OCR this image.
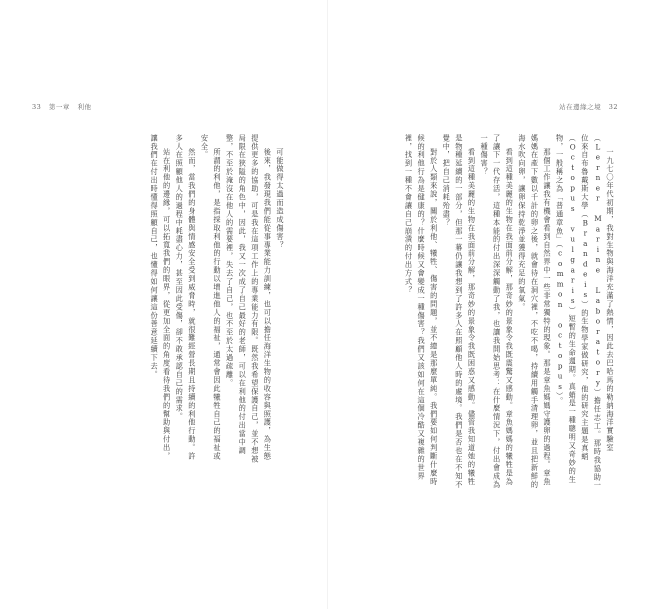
33 第一章 利他

可能做得太過而造成傷害？

後來，我發現我們能從事專業能力訓練，也可以擔任海洋生物的收容與照護，為生態提供更多的協助，可是我在這項工作上的專業能力有限。既然我希望保護自己，並不想被局限在狹隘的角色中，因此，我又一次成了自己最好的老師，可以在利他的付出當中調整，不至於淹沒在他人的需要裡，失去了自己，也不至於太過疏離。

所謂的利他，是指採取利他的行動以增進他人的福祉，通常會因此犧牲自己的福祉或安全。

然而，當我們的身體與情感安全受到威脅時，就很難經營長期且持續的利他行動。許多人在照顧他人的過程中耗盡心力，甚至因此受傷，卻不敢承認自己的需求。

站在利他的邊緣，可以拓寬我們的眼界，從更加全面的角度看待我們的幫助與付出，讓我們在付出時懂得照顧自己，也懂得如何讓這份善意延續下去。

站在邊緣之境 32

一九七〇年代初期，我對生物與海洋充滿了熱情，因此去巴哈馬的勒納海洋實驗室（Lerner Marine Laboratory）擔任志工。那時我協助一位來自布魯戴斯大學（Brandeis）的生物學家做研究，他的研究主題是真蛸（Octopus vulgaris）短暫的生命週期。真蛸是一種聰明又奇妙的生物，一般稱之為「普通章魚」（common octopus）。

那個工作讓我有機會看到自然界中一些非常獨特的現象。那是章魚媽媽守護卵的過程。章魚媽媽在產下數以千計的卵之後，就會待在洞穴裡，不吃不喝，持續用觸手清理卵，並且把新鮮的海水吹向卵，讓卵保持乾淨並獲得充足的氧氣。

看到這種美麗的生物在我面前分解，那奇妙的景象令我既震驚又感動。章魚媽媽的犧牲是為了讓下一代存活，這種本能的付出深深觸動了我，也讓我開始思考：在什麼情況下，付出會成為一種傷害？

看到這種美麗的生物在我面前分解，那奇妙的景象令我既困惑又感動。儘管我知道她的犧牲是物種延續的一部分，但那一幕仍讓我想到了許多人在照顧他人時的處境。我們是否也在不知不覺中，把自己消耗殆盡？

對於人類來說，關於利他、犧牲、傷害的問題，並不總是那麼單純。我們要如何判斷什麼時候的利他行為是健康的？什麼時候又會變成一種傷害？我們又該如何在這個冷酷又複雜的世界裡，找到一種不會讓自己崩潰的付出方式？
